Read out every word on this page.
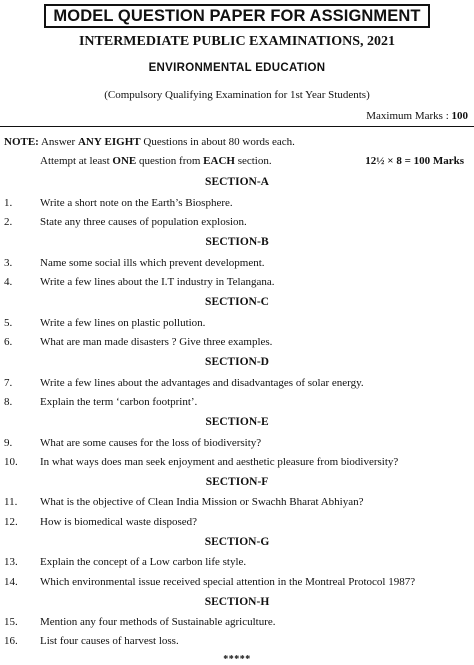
MODEL QUESTION PAPER FOR ASSIGNMENT
INTERMEDIATE PUBLIC EXAMINATIONS, 2021
ENVIRONMENTAL EDUCATION
(Compulsory Qualifying Examination for 1st Year Students)
Maximum Marks : 100
NOTE: Answer ANY EIGHT Questions in about 80 words each.
Attempt at least ONE question from EACH section.	12½ × 8 = 100 Marks
SECTION-A
1.	Write a short note on the Earth’s Biosphere.
2.	State any three causes of population explosion.
SECTION-B
3.	Name some social ills which prevent development.
4.	Write a few lines about the I.T industry in Telangana.
SECTION-C
5.	Write a few lines on plastic pollution.
6.	What are man made disasters ? Give three examples.
SECTION-D
7.	Write a few lines about the advantages and disadvantages of solar energy.
8.	Explain the term ‘carbon footprint’.
SECTION-E
9.	What are some causes for the loss of biodiversity?
10. In what ways does man seek enjoyment and aesthetic pleasure from biodiversity?
SECTION-F
11. What is the objective of Clean India Mission or Swachh Bharat Abhiyan?
12. How is biomedical waste disposed?
SECTION-G
13. Explain the concept of a Low carbon life style.
14. Which environmental issue received special attention in the Montreal Protocol 1987?
SECTION-H
15. Mention any four methods of Sustainable agriculture.
16. List four causes of harvest loss.
*****
